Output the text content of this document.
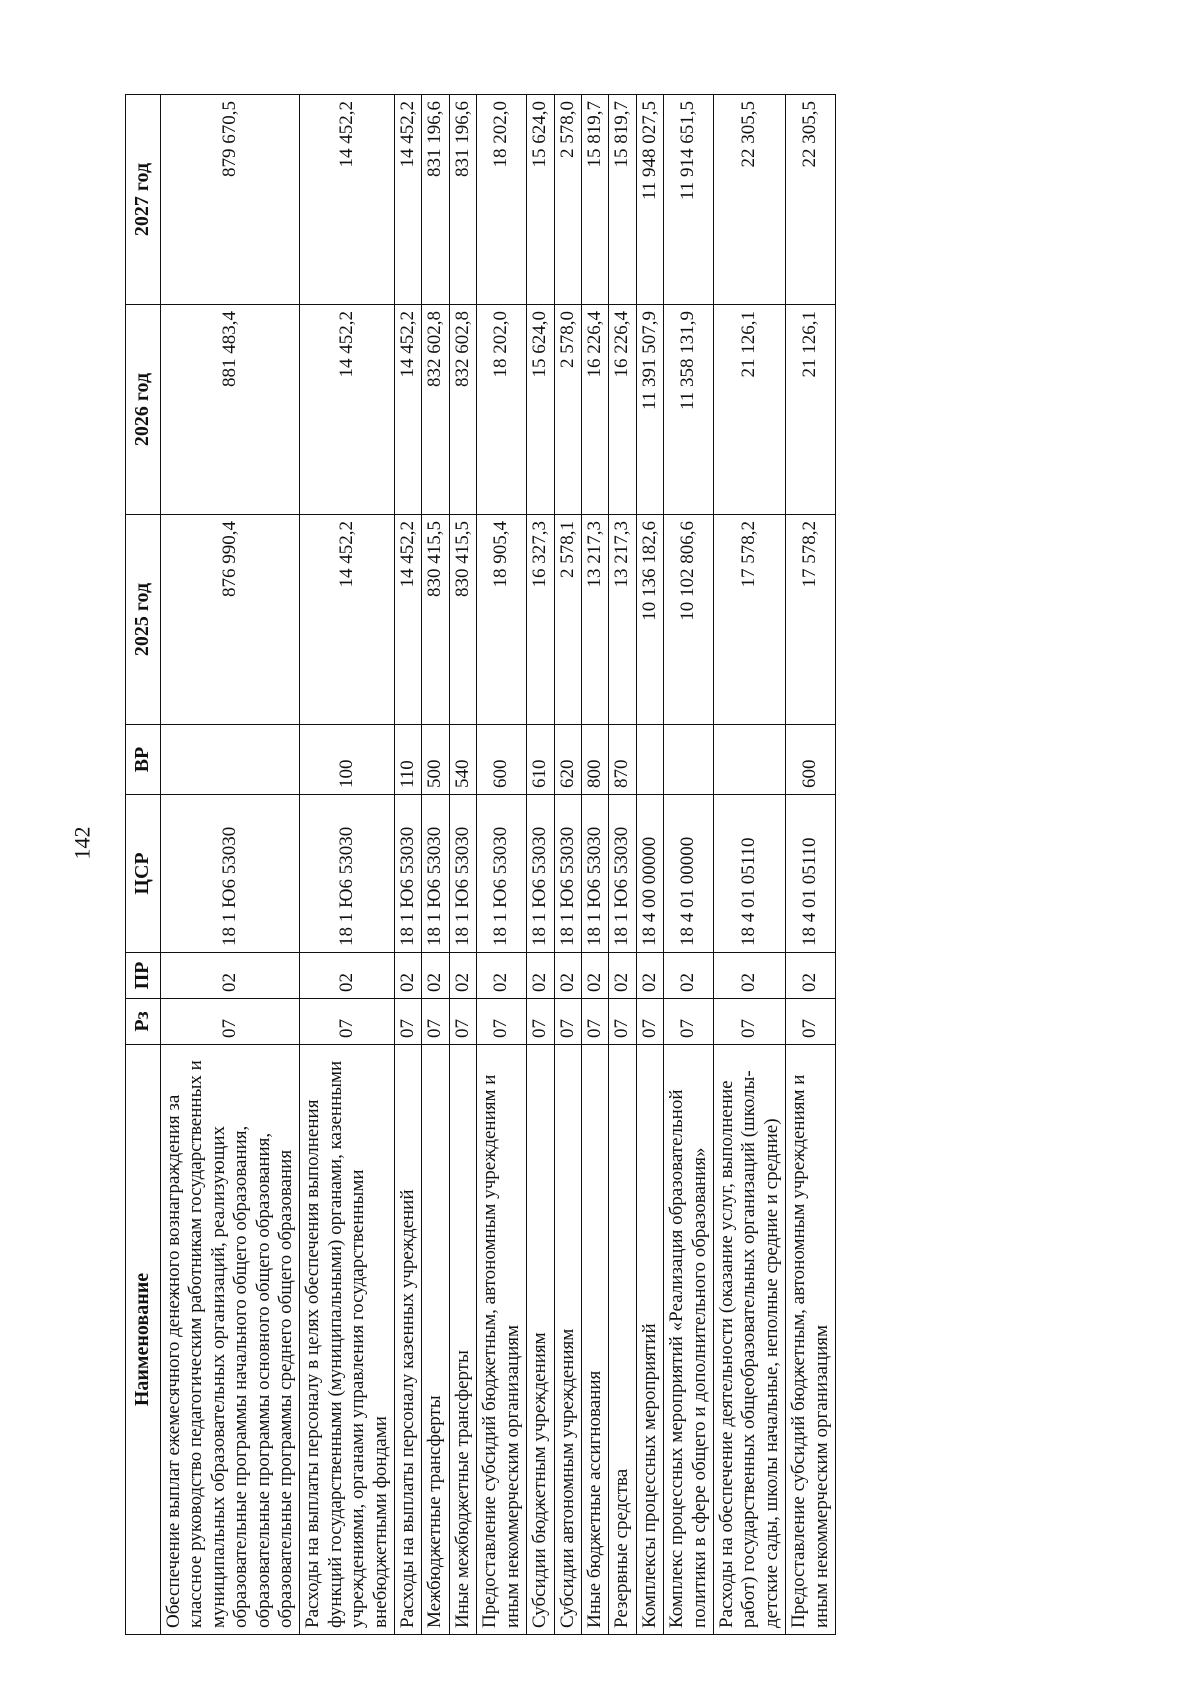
142
Наименование	Рз	ПР	ЦСР	ВР	2025 год	2026 год	2027 год
Обеспечение выплат ежемесячного денежного вознаграждения за классное руководство педагогическим работникам государственных и муниципальных образовательных организаций, реализующих образовательные программы начального общего образования, образовательные программы основного общего образования, образовательные программы среднего общего образования	07	02	18 1 Ю6 53030		876 990,4	881 483,4	879 670,5
Расходы на выплаты персоналу в целях обеспечения выполнения функций государственными (муниципальными) органами, казенными учреждениями, органами управления государственными внебюджетными фондами	07	02	18 1 Ю6 53030	100	14 452,2	14 452,2	14 452,2
Расходы на выплаты персоналу казенных учреждений	07	02	18 1 Ю6 53030	110	14 452,2	14 452,2	14 452,2
Межбюджетные трансферты	07	02	18 1 Ю6 53030	500	830 415,5	832 602,8	831 196,6
Иные межбюджетные трансферты	07	02	18 1 Ю6 53030	540	830 415,5	832 602,8	831 196,6
Предоставление субсидий бюджетным, автономным учреждениям и иным некоммерческим организациям	07	02	18 1 Ю6 53030	600	18 905,4	18 202,0	18 202,0
Субсидии бюджетным учреждениям	07	02	18 1 Ю6 53030	610	16 327,3	15 624,0	15 624,0
Субсидии автономным учреждениям	07	02	18 1 Ю6 53030	620	2 578,1	2 578,0	2 578,0
Иные бюджетные ассигнования	07	02	18 1 Ю6 53030	800	13 217,3	16 226,4	15 819,7
Резервные средства	07	02	18 1 Ю6 53030	870	13 217,3	16 226,4	15 819,7
Комплексы процессных мероприятий	07	02	18 4 00 00000		10 136 182,6	11 391 507,9	11 948 027,5
Комплекс процессных мероприятий «Реализация образовательной политики в сфере общего и дополнительного образования»	07	02	18 4 01 00000		10 102 806,6	11 358 131,9	11 914 651,5
Расходы на обеспечение деятельности (оказание услуг, выполнение работ) государственных общеобразовательных организаций (школы-детские сады, школы начальные, неполные средние и средние)	07	02	18 4 01 05110		17 578,2	21 126,1	22 305,5
Предоставление субсидий бюджетным, автономным учреждениям и иным некоммерческим организациям	07	02	18 4 01 05110	600	17 578,2	21 126,1	22 305,5
